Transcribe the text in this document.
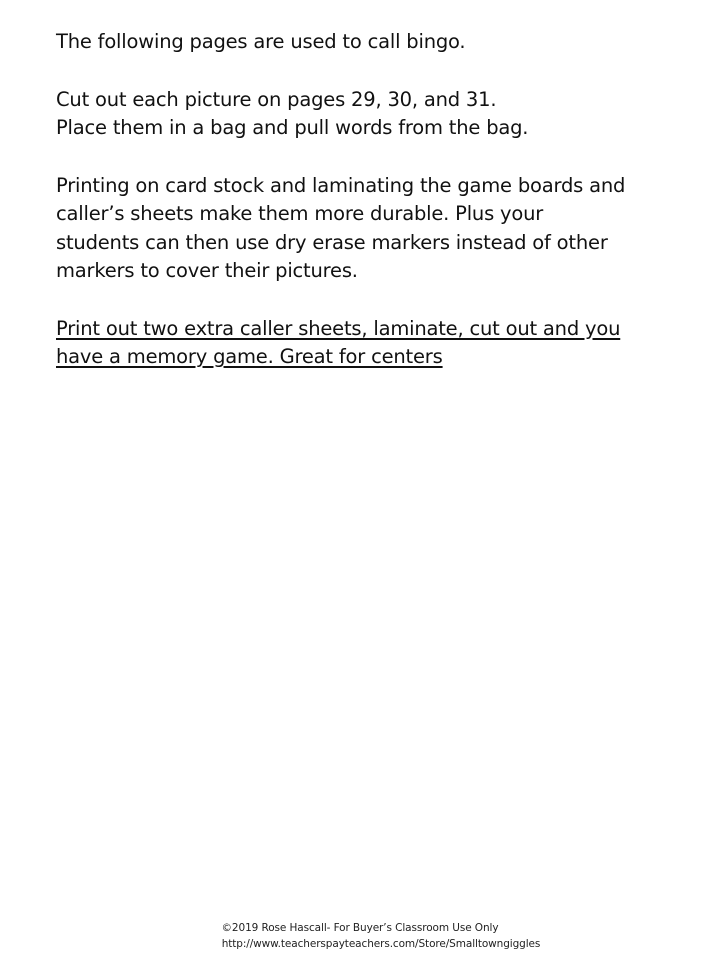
The following pages are used to call bingo.

Cut out each picture on pages 29, 30, and 31.
Place them in a bag and pull words from the bag.

Printing on card stock and laminating the game boards and
caller’s sheets make them more durable. Plus your
students can then use dry erase markers instead of other
markers to cover their pictures.

Print out two extra caller sheets, laminate, cut out and you
have a memory game. Great for centers

©2019 Rose Hascall- For Buyer’s Classroom Use Only
http://www.teacherspayteachers.com/Store/Smalltowngiggles
